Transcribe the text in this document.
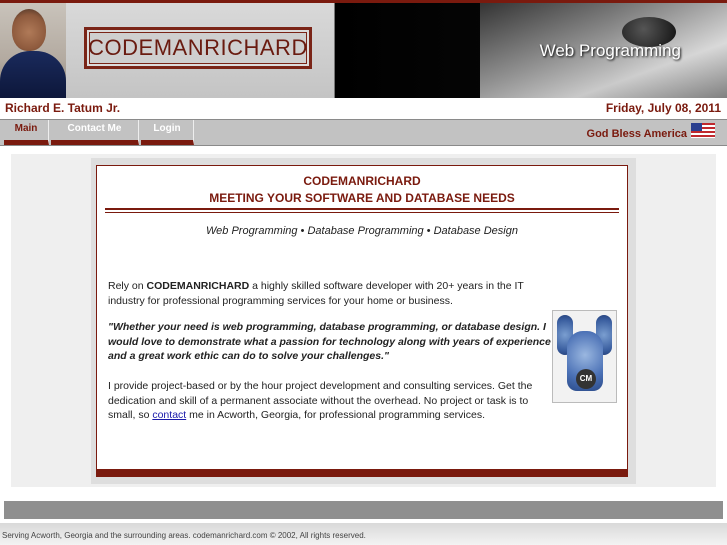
CODEMANRICHARD	Web Programming
Richard E. Tatum Jr.	Friday, July 08, 2011
Main	Contact Me	Login	God Bless America
CODEMANRICHARD
MEETING YOUR SOFTWARE AND DATABASE NEEDS
Web Programming • Database Programming • Database Design
Rely on CODEMANRICHARD a highly skilled software developer with 20+ years in the IT industry for professional programming services for your home or business.
"Whether your need is web programming, database programming, or database design. I would love to demonstrate what a passion for technology along with years of experience and a great work ethic can do to solve your challenges."
I provide project-based or by the hour project development and consulting services. Get the dedication and skill of a permanent associate without the overhead. No project or task is to small, so contact me in Acworth, Georgia, for professional programming services.
CM
Serving Acworth, Georgia and the surrounding areas. codemanrichard.com © 2002, All rights reserved.
